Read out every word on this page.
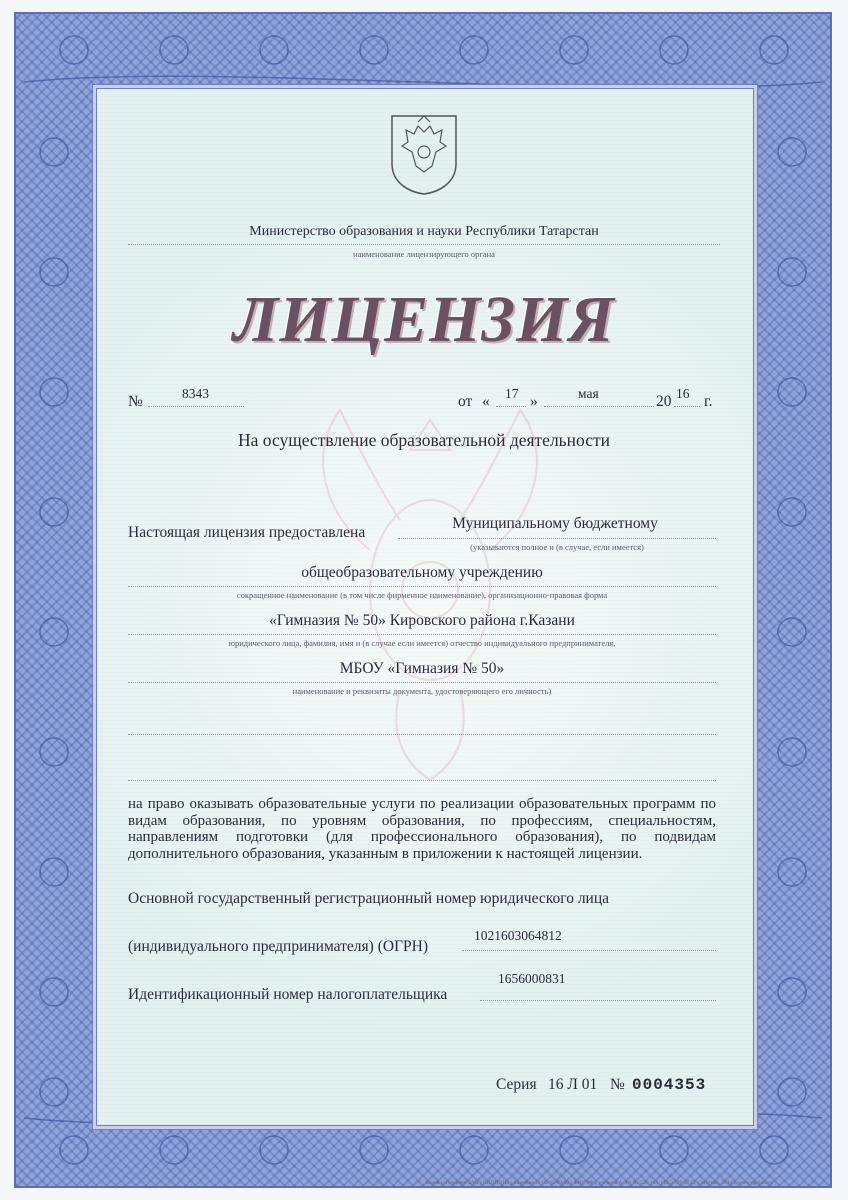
Министерство образования и науки Республики Татарстан
наименование лицензирующего органа
ЛИЦЕНЗИЯ
№	8343	от « 17 »	мая	20 16 г.
На осуществление образовательной деятельности
Настоящая лицензия предоставлена
Муниципальному бюджетному
(указываются полное и (в случае, если имеется)
общеобразовательному учреждению
сокращенное наименование (в том числе фирменное наименование), организационно-правовая форма
«Гимназия № 50» Кировского района г.Казани
юридического лица, фамилия, имя и (в случае если имеется) отчество индивидуального предпринимателя,
МБОУ «Гимназия № 50»
наименование и реквизиты документа, удостоверяющего его личность)
на право оказывать образовательные услуги по реализации образовательных программ по видам образования, по уровням образования, по профессиям, специальностям, направлениям подготовки (для профессионального образования), по подвидам дополнительного образования, указанным в приложении к настоящей лицензии.
Основной государственный регистрационный номер юридического лица
(индивидуального предпринимателя) (ОГРН)
1021603064812
Идентификационный номер налогоплательщика
1656000831
Серия 16 Л 01 № 0004353
Бланк изготовлен ЗАО «ОПЦИОН» (лицензия № 05-05-09/003 ФНС РФ), уровень А, т/з № 520, тел. (495) 726-4742, г.Москва, 2014 г. www.opcion.ru
